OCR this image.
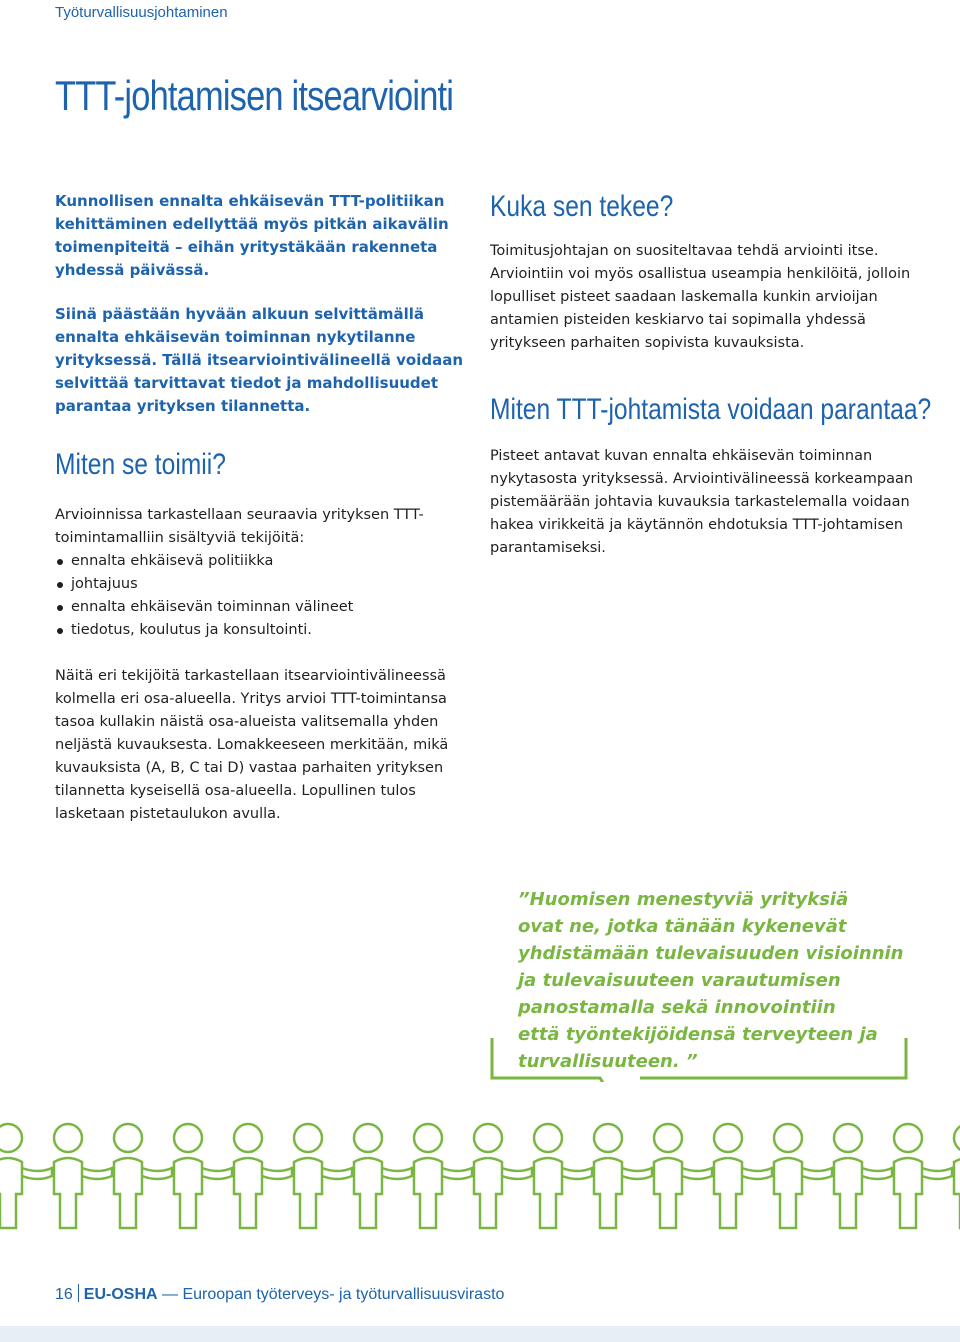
Työturvallisuusjohtaminen
TTT-johtamisen itsearviointi

Kunnollisen ennalta ehkäisevän TTT-politiikan kehittäminen edellyttää myös pitkän aikavälin toimenpiteitä – eihän yritystäkään rakenneta yhdessä päivässä.

Siinä päästään hyvään alkuun selvittämällä ennalta ehkäisevän toiminnan nykytilanne yrityksessä. Tällä itsearviointivälineellä voidaan selvittää tarvittavat tiedot ja mahdollisuudet parantaa yrityksen tilannetta.

Miten se toimii?

Arvioinnissa tarkastellaan seuraavia yrityksen TTT-toimintamalliin sisältyviä tekijöitä:

ennalta ehkäisevä politiikka
johtajuus
ennalta ehkäisevän toiminnan välineet
tiedotus, koulutus ja konsultointi.

Näitä eri tekijöitä tarkastellaan itsearviointivälineessä kolmella eri osa-alueella. Yritys arvioi TTT-toimintansa tasoa kullakin näistä osa-alueista valitsemalla yhden neljästä kuvauksesta. Lomakkeeseen merkitään, mikä kuvauksista (A, B, C tai D) vastaa parhaiten yrityksen tilannetta kyseisellä osa-alueella. Lopullinen tulos lasketaan pistetaulukon avulla.

Kuka sen tekee?

Toimitusjohtajan on suositeltavaa tehdä arviointi itse. Arviointiin voi myös osallistua useampia henkilöitä, jolloin lopulliset pisteet saadaan laskemalla kunkin arvioijan antamien pisteiden keskiarvo tai sopimalla yhdessä yritykseen parhaiten sopivista kuvauksista.

Miten TTT-johtamista voidaan parantaa?

Pisteet antavat kuvan ennalta ehkäisevän toiminnan nykytasosta yrityksessä. Arviointivälineessä korkeampaan pistemäärään johtavia kuvauksia tarkastelemalla voidaan hakea virikkeitä ja käytännön ehdotuksia TTT-johtamisen parantamiseksi.

”Huomisen menestyviä yrityksiä
ovat ne, jotka tänään kykenevät
yhdistämään tulevaisuuden visioinnin
ja tulevaisuuteen varautumisen
panostamalla sekä innovointiin
että työntekijöidensä terveyteen ja
turvallisuuteen. ”
16 EU-OSHA — Euroopan työterveys- ja työturvallisuusvirasto
